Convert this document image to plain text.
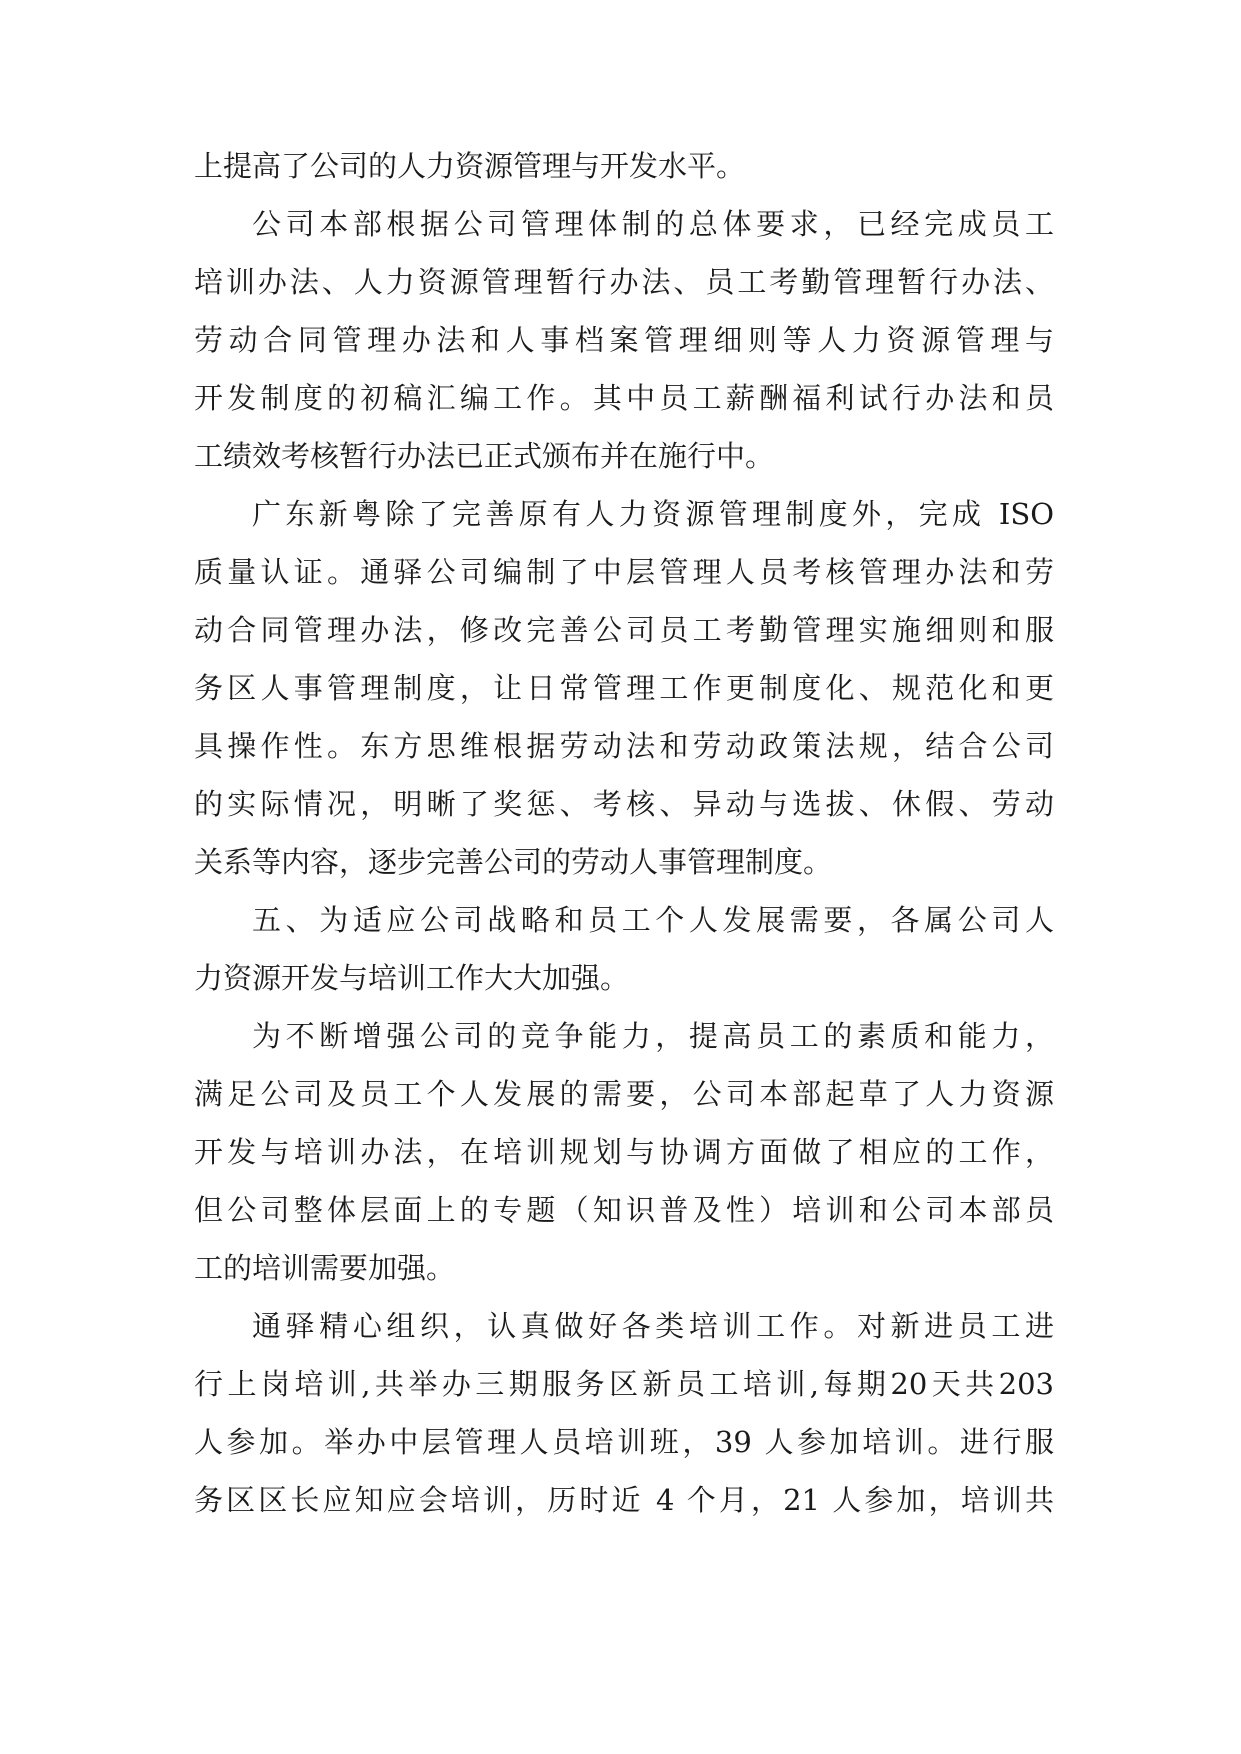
上提高了公司的人力资源管理与开发水平。
公司本部根据公司管理体制的总体要求，已经完成员工
培训办法、人力资源管理暂行办法、员工考勤管理暂行办法、
劳动合同管理办法和人事档案管理细则等人力资源管理与
开发制度的初稿汇编工作。其中员工薪酬福利试行办法和员
工绩效考核暂行办法已正式颁布并在施行中。
广东新粤除了完善原有人力资源管理制度外，完成 ISO
质量认证。通驿公司编制了中层管理人员考核管理办法和劳
动合同管理办法，修改完善公司员工考勤管理实施细则和服
务区人事管理制度，让日常管理工作更制度化、规范化和更
具操作性。东方思维根据劳动法和劳动政策法规，结合公司
的实际情况，明晰了奖惩、考核、异动与选拔、休假、劳动
关系等内容，逐步完善公司的劳动人事管理制度。
五、为适应公司战略和员工个人发展需要，各属公司人
力资源开发与培训工作大大加强。
为不断增强公司的竞争能力，提高员工的素质和能力，
满足公司及员工个人发展的需要，公司本部起草了人力资源
开发与培训办法，在培训规划与协调方面做了相应的工作，
但公司整体层面上的专题（知识普及性）培训和公司本部员
工的培训需要加强。
通驿精心组织，认真做好各类培训工作。对新进员工进
行上岗培训,共举办三期服务区新员工培训,每期20天共203
人参加。举办中层管理人员培训班，39 人参加培训。进行服
务区区长应知应会培训，历时近 4 个月，21 人参加，培训共
